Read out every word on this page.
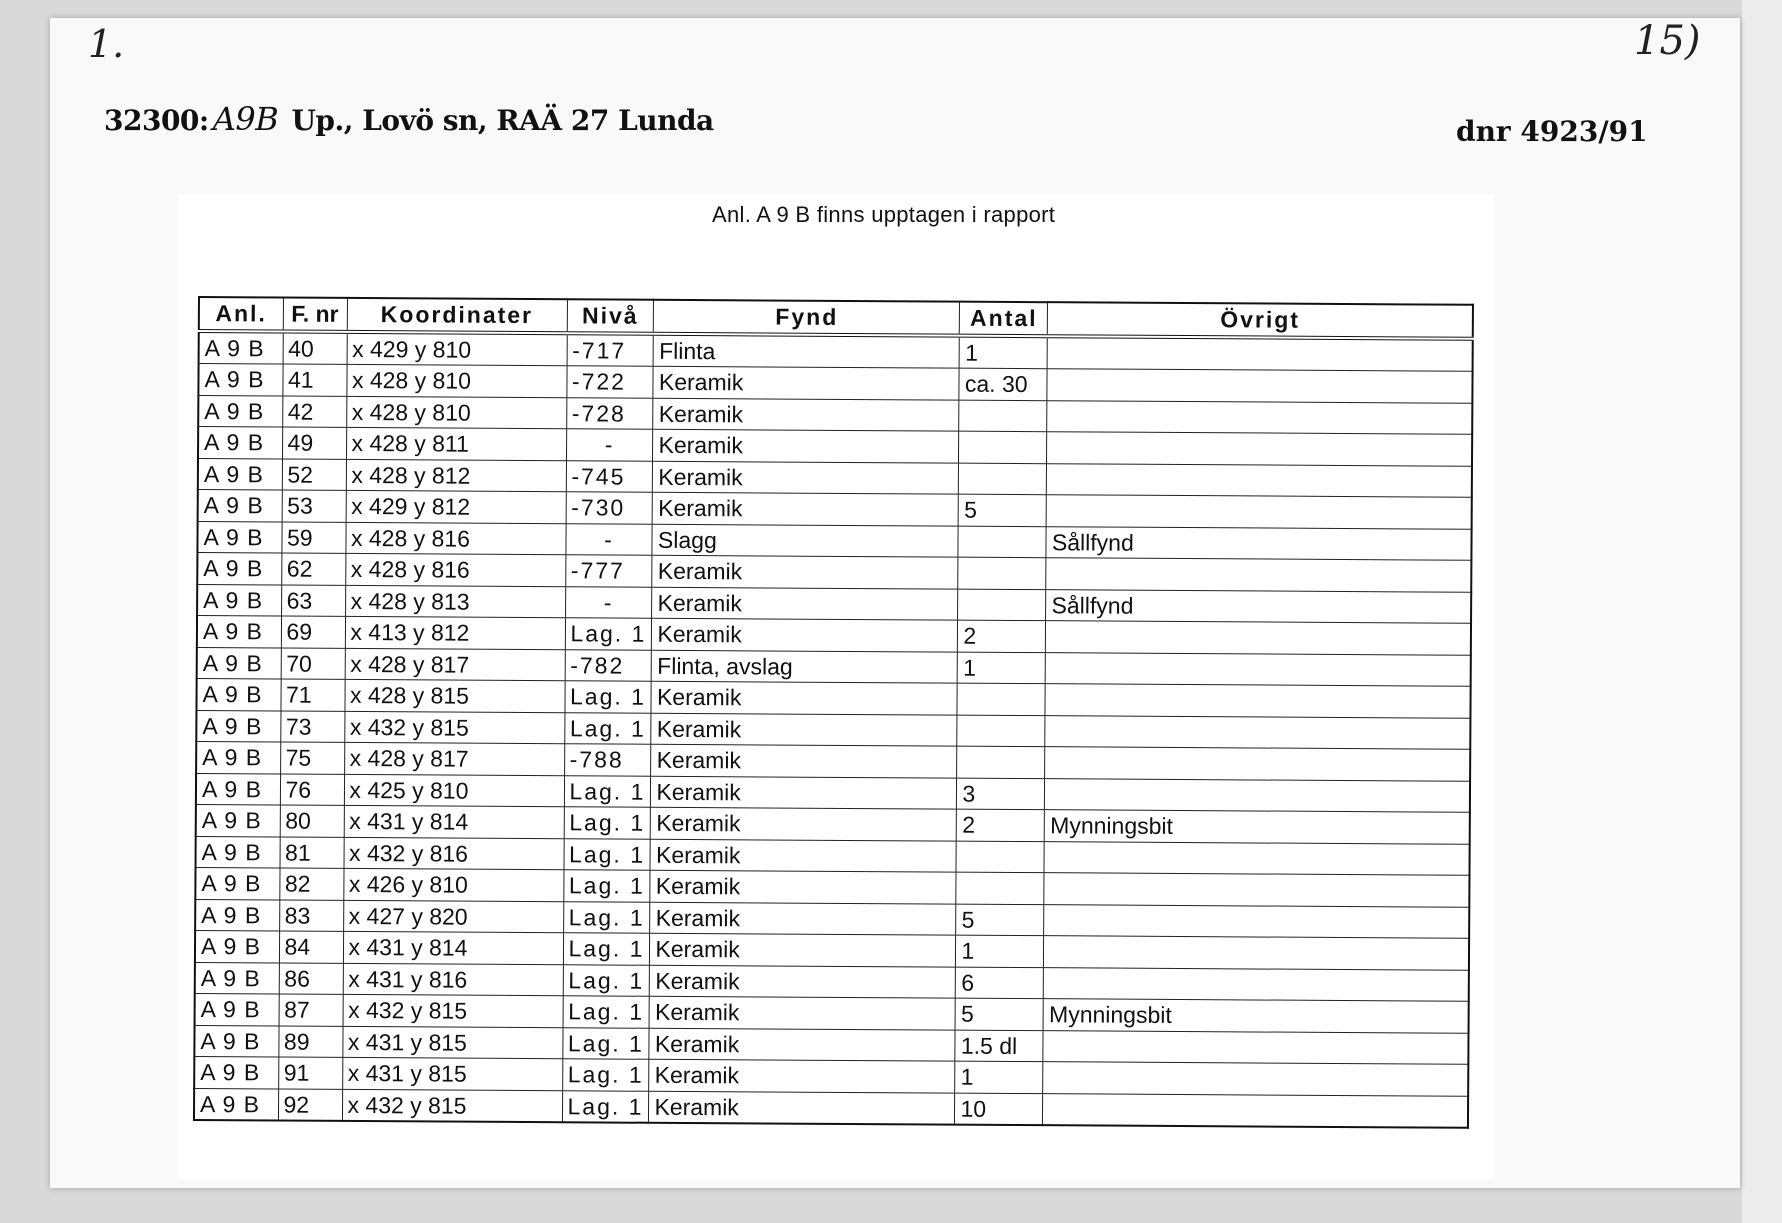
1.	15)
32300: A9B Up., Lovö sn, RAÄ 27 Lunda	dnr 4923/91
Anl. A 9 B finns upptagen i rapport
Anl.	F. nr	Koordinater	Nivå	Fynd	Antal	Övrigt
A 9 B	40	x 429 y 810	-717	Flinta	1	
A 9 B	41	x 428 y 810	-722	Keramik	ca. 30	
A 9 B	42	x 428 y 810	-728	Keramik		
A 9 B	49	x 428 y 811	-	Keramik		
A 9 B	52	x 428 y 812	-745	Keramik		
A 9 B	53	x 429 y 812	-730	Keramik	5	
A 9 B	59	x 428 y 816	-	Slagg		Sållfynd
A 9 B	62	x 428 y 816	-777	Keramik		
A 9 B	63	x 428 y 813	-	Keramik		Sållfynd
A 9 B	69	x 413 y 812	Lag. 1	Keramik	2	
A 9 B	70	x 428 y 817	-782	Flinta, avslag	1	
A 9 B	71	x 428 y 815	Lag. 1	Keramik		
A 9 B	73	x 432 y 815	Lag. 1	Keramik		
A 9 B	75	x 428 y 817	-788	Keramik		
A 9 B	76	x 425 y 810	Lag. 1	Keramik	3	
A 9 B	80	x 431 y 814	Lag. 1	Keramik	2	Mynningsbit
A 9 B	81	x 432 y 816	Lag. 1	Keramik		
A 9 B	82	x 426 y 810	Lag. 1	Keramik		
A 9 B	83	x 427 y 820	Lag. 1	Keramik	5	
A 9 B	84	x 431 y 814	Lag. 1	Keramik	1	
A 9 B	86	x 431 y 816	Lag. 1	Keramik	6	
A 9 B	87	x 432 y 815	Lag. 1	Keramik	5	Mynningsbit
A 9 B	89	x 431 y 815	Lag. 1	Keramik	1.5 dl	
A 9 B	91	x 431 y 815	Lag. 1	Keramik	1	
A 9 B	92	x 432 y 815	Lag. 1	Keramik	10	
